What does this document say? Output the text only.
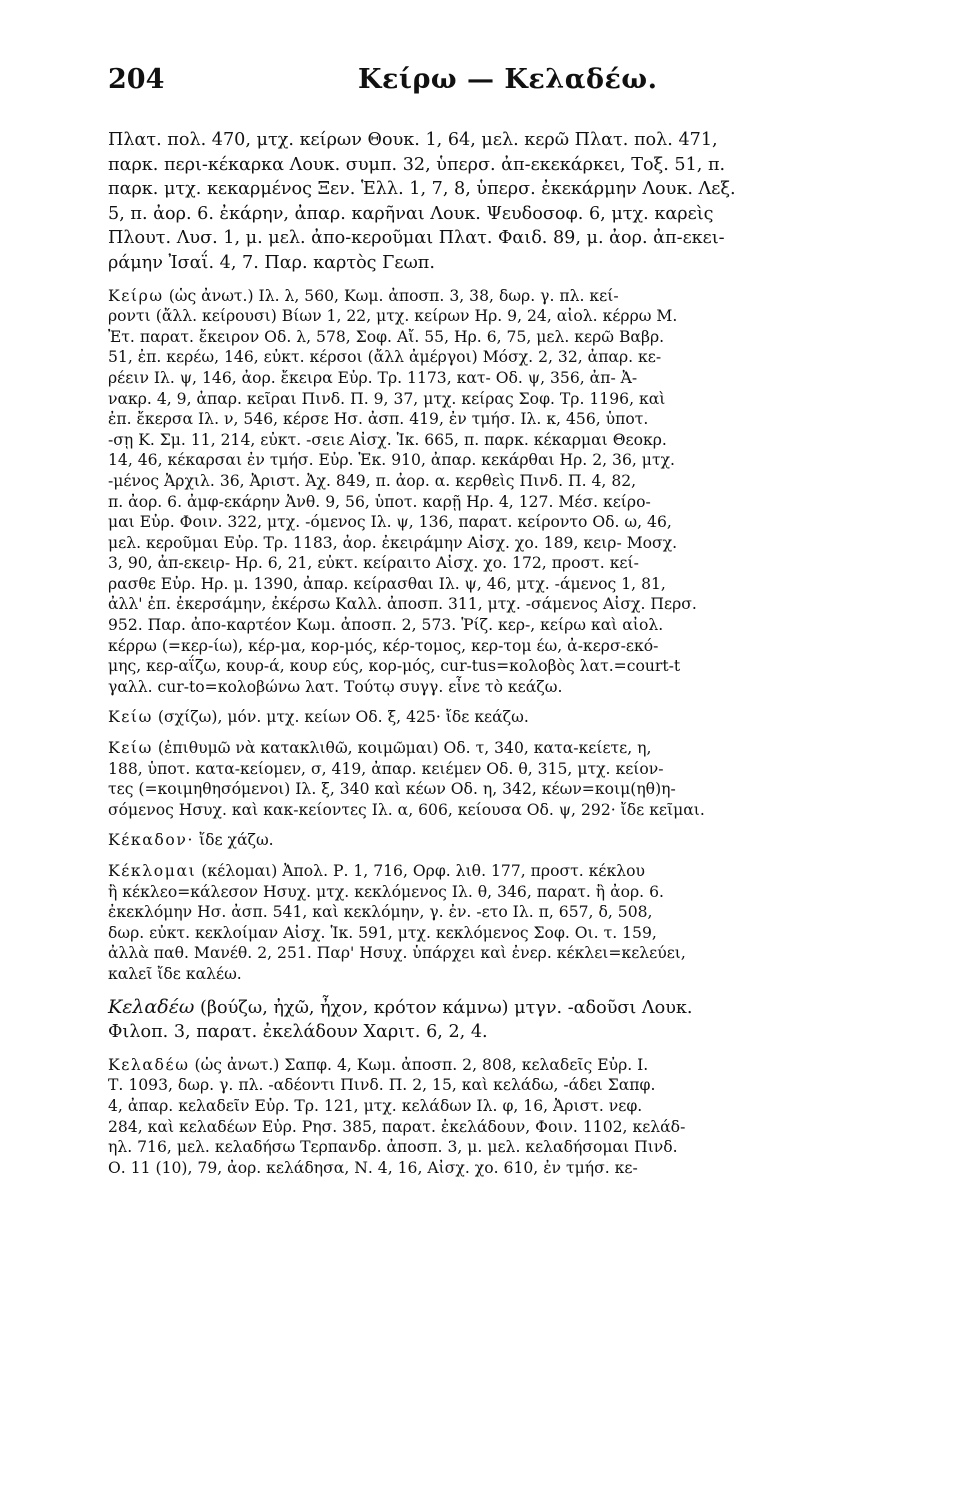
204	Κείρω — Κελαδέω.
Πλατ. πολ. 470, μτχ. κείρων Θουκ. 1, 64, μελ. κερῶ Πλατ. πολ. 471,
παρκ. περι-κέκαρκα Λουκ. συμπ. 32, ὑπερσ. ἀπ-εκεκάρκει, Τοξ. 51, π.
παρκ. μτχ. κεκαρμένος Ξεν. Ἑλλ. 1, 7, 8, ὑπερσ. ἐκεκάρμην Λουκ. Λεξ.
5, π. ἀορ. 6. ἐκάρην, ἀπαρ. καρῆναι Λουκ. Ψευδοσοφ. 6, μτχ. καρεὶς
Πλουτ. Λυσ. 1, μ. μελ. ἀπο-κεροῦμαι Πλατ. Φαιδ. 89, μ. ἀορ. ἀπ-εκει-
ράμην Ἰσαΐ. 4, 7. Παρ. καρτὸς Γεωπ.
Κείρω (ὡς ἀνωτ.) Ιλ. λ, 560, Κωμ. ἀποσπ. 3, 38, δωρ. γ. πλ. κεί-
ροντι (ἄλλ. κείρουσι) Βίων 1, 22, μτχ. κείρων Ηρ. 9, 24, αἰολ. κέρρω Μ.
Ἐτ. παρατ. ἔκειρον Οδ. λ, 578, Σοφ. Αἴ. 55, Ηρ. 6, 75, μελ. κερῶ Βαβρ.
51, ἐπ. κερέω, 146, εὐκτ. κέρσοι (ἄλλ ἀμέργοι) Μόσχ. 2, 32, ἀπαρ. κε-
ρέειν Ιλ. ψ, 146, ἀορ. ἔκειρα Εὐρ. Τρ. 1173, κατ- Οδ. ψ, 356, ἀπ- Ἀ-
νακρ. 4, 9, ἀπαρ. κεῖραι Πινδ. Π. 9, 37, μτχ. κείρας Σοφ. Τρ. 1196, καὶ
ἐπ. ἔκερσα Ιλ. ν, 546, κέρσε Ησ. ἀσπ. 419, ἐν τμήσ. Ιλ. κ, 456, ὑποτ.
-σῃ Κ. Σμ. 11, 214, εὐκτ. -σειε Αἰσχ. Ἱκ. 665, π. παρκ. κέκαρμαι Θεοκρ.
14, 46, κέκαρσαι ἐν τμήσ. Εὐρ. Ἑκ. 910, ἀπαρ. κεκάρθαι Ηρ. 2, 36, μτχ.
-μένος Ἀρχιλ. 36, Ἀριστ. Ἀχ. 849, π. ἀορ. α. κερθεὶς Πινδ. Π. 4, 82,
π. ἀορ. 6. ἀμφ-εκάρην Ἀνθ. 9, 56, ὑποτ. καρῇ Ηρ. 4, 127. Μέσ. κείρο-
μαι Εὐρ. Φοιν. 322, μτχ. -όμενος Ιλ. ψ, 136, παρατ. κείροντο Οδ. ω, 46,
μελ. κεροῦμαι Εὐρ. Τρ. 1183, ἀορ. ἐκειράμην Αἰσχ. χο. 189, κειρ- Μοσχ.
3, 90, ἀπ-εκειρ- Ηρ. 6, 21, εὐκτ. κείραιτο Αἰσχ. χο. 172, προστ. κεί-
ρασθε Εὐρ. Ηρ. μ. 1390, ἀπαρ. κείρασθαι Ιλ. ψ, 46, μτχ. -άμενος 1, 81,
ἀλλ' ἐπ. ἐκερσάμην, ἐκέρσω Καλλ. ἀποσπ. 311, μτχ. -σάμενος Αἰσχ. Περσ.
952. Παρ. ἀπο-καρτέον Κωμ. ἀποσπ. 2, 573. Ῥίζ. κερ-, κείρω καὶ αἰολ.
κέρρω (=κερ-ίω), κέρ-μα, κορ-μός, κέρ-τομος, κερ-τομ έω, ἀ-κερσ-εκό-
μης, κερ-αΐζω, κουρ-ά, κουρ εύς, κορ-μός, cur-tus=κολοβὸς λατ.=court-t
γαλλ. cur-to=κολοβώνω λατ. Τούτῳ συγγ. εἶνε τὸ κεάζω.
Κείω (σχίζω), μόν. μτχ. κείων Οδ. ξ, 425· ἴδε κεάζω.
Κείω (ἐπιθυμῶ νὰ κατακλιθῶ, κοιμῶμαι) Οδ. τ, 340, κατα-κείετε, η,
188, ὑποτ. κατα-κείομεν, σ, 419, ἀπαρ. κειέμεν Οδ. θ, 315, μτχ. κείον-
τες (=κοιμηθησόμενοι) Ιλ. ξ, 340 καὶ κέων Οδ. η, 342, κέων=κοιμ(ηθ)η-
σόμενος Ησυχ. καὶ κακ-κείοντες Ιλ. α, 606, κείουσα Οδ. ψ, 292· ἴδε κεῖμαι.
Κέκαδον· ἴδε χάζω.
Κέκλομαι (κέλομαι) Ἀπολ. Ρ. 1, 716, Ορφ. λιθ. 177, προστ. κέκλου
ἢ κέκλεο=κάλεσον Ησυχ. μτχ. κεκλόμενος Ιλ. θ, 346, παρατ. ἢ ἀορ. 6.
ἐκεκλόμην Ησ. ἀσπ. 541, καὶ κεκλόμην, γ. ἐν. -ετο Ιλ. π, 657, δ, 508,
δωρ. εὐκτ. κεκλοίμαν Αἰσχ. Ἱκ. 591, μτχ. κεκλόμενος Σοφ. Οι. τ. 159,
ἀλλὰ παθ. Μανέθ. 2, 251. Παρ' Ησυχ. ὑπάρχει καὶ ἐνερ. κέκλει=κελεύει,
καλεῖ ἴδε καλέω.
Κελαδέω (βούζω, ἠχῶ, ἦχον, κρότον κάμνω) μτγν. -αδοῦσι Λουκ.
Φιλοπ. 3, παρατ. ἐκελάδουν Χαριτ. 6, 2, 4.
Κελαδέω (ὡς ἀνωτ.) Σαπφ. 4, Κωμ. ἀποσπ. 2, 808, κελαδεῖς Εὐρ. Ι.
Τ. 1093, δωρ. γ. πλ. -αδέοντι Πινδ. Π. 2, 15, καὶ κελάδω, -άδει Σαπφ.
4, ἀπαρ. κελαδεῖν Εὐρ. Τρ. 121, μτχ. κελάδων Ιλ. φ, 16, Ἀριστ. νεφ.
284, καὶ κελαδέων Εὐρ. Ρησ. 385, παρατ. ἐκελάδουν, Φοιν. 1102, κελάδ-
ηλ. 716, μελ. κελαδήσω Τερπανδρ. ἀποσπ. 3, μ. μελ. κελαδήσομαι Πινδ.
Ο. 11 (10), 79, ἀορ. κελάδησα, Ν. 4, 16, Αἰσχ. χο. 610, ἐν τμήσ. κε-
